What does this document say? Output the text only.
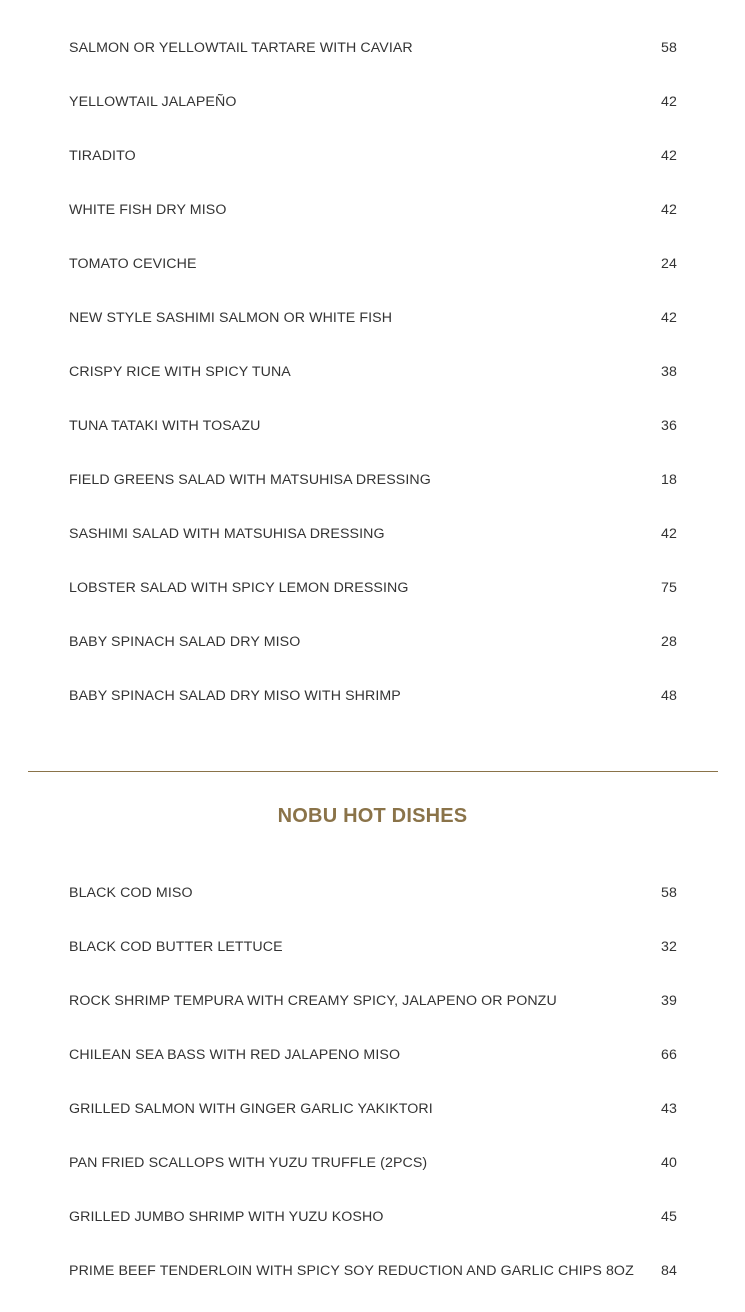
SALMON OR YELLOWTAIL TARTARE WITH CAVIAR	58
YELLOWTAIL JALAPEÑO	42
TIRADITO	42
WHITE FISH DRY MISO	42
TOMATO CEVICHE	24
NEW STYLE SASHIMI SALMON OR WHITE FISH	42
CRISPY RICE WITH SPICY TUNA	38
TUNA TATAKI WITH TOSAZU	36
FIELD GREENS SALAD WITH MATSUHISA DRESSING	18
SASHIMI SALAD WITH MATSUHISA DRESSING	42
LOBSTER SALAD WITH SPICY LEMON DRESSING	75
BABY SPINACH SALAD DRY MISO	28
BABY SPINACH SALAD DRY MISO WITH SHRIMP	48
NOBU HOT DISHES
BLACK COD MISO	58
BLACK COD BUTTER LETTUCE	32
ROCK SHRIMP TEMPURA WITH CREAMY SPICY, JALAPENO OR PONZU	39
CHILEAN SEA BASS WITH RED JALAPENO MISO	66
GRILLED SALMON WITH GINGER GARLIC YAKIKTORI	43
PAN FRIED SCALLOPS WITH YUZU TRUFFLE (2PCS)	40
GRILLED JUMBO SHRIMP WITH YUZU KOSHO	45
PRIME BEEF TENDERLOIN WITH SPICY SOY REDUCTION AND GARLIC CHIPS 8OZ 84
